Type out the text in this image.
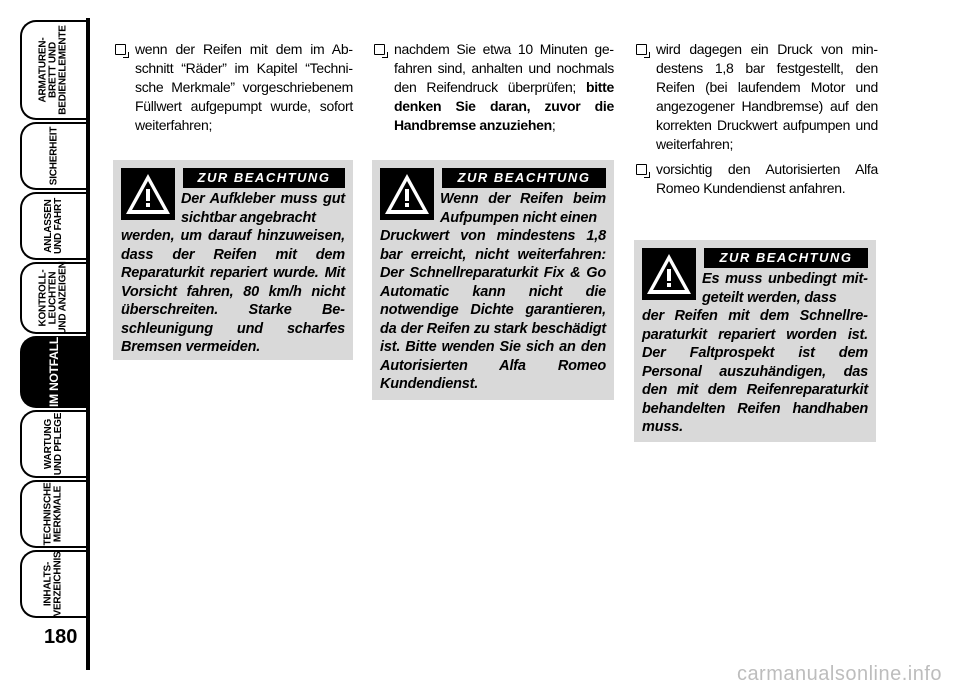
ARMATUREN-
BRETT UND
BEDIENELEMENTE
SICHERHEIT
ANLASSEN
UND FAHRT
KONTROLL-
LEUCHTEN
UND ANZEIGEN
IM NOTFALL
WARTUNG
UND PFLEGE
TECHNISCHE
MERKMALE
INHALTS-
VERZEICHNIS
180
wenn der Reifen mit dem im Abschnitt “Räder” im Kapitel “Technische Merkmale” vorgeschriebenem Füllwert aufgepumpt wurde, sofort weiterfahren;
ZUR BEACHTUNG
Der Aufkleber muss gut sichtbar angebracht
werden, um darauf hinzuweisen, dass der Reifen mit dem Reparaturkit repariert wurde. Mit Vorsicht fahren, 80 km/h nicht überschreiten. Starke Beschleunigung und scharfes Bremsen vermeiden.
nachdem Sie etwa 10 Minuten gefahren sind, anhalten und nochmals den Reifendruck überprüfen; bitte denken Sie daran, zuvor die Handbremse anzuziehen;
ZUR BEACHTUNG
Wenn der Reifen beim Aufpumpen nicht einen
Druckwert von mindestens 1,8 bar erreicht, nicht weiterfahren: Der Schnellreparaturkit Fix & Go Automatic kann nicht die notwendige Dichte garantieren, da der Reifen zu stark beschädigt ist. Bitte wenden Sie sich an den Autorisierten Alfa Romeo Kundendienst.
wird dagegen ein Druck von mindestens 1,8 bar festgestellt, den Reifen (bei laufendem Motor und angezogener Handbremse) auf den korrekten Druckwert aufpumpen und weiterfahren;
vorsichtig den Autorisierten Alfa Romeo Kundendienst anfahren.
ZUR BEACHTUNG
Es muss unbedingt mitgeteilt werden, dass
der Reifen mit dem Schnellreparaturkit repariert worden ist. Der Faltprospekt ist dem Personal auszuhändigen, das den mit dem Reifenreparaturkit behandelten Reifen handhaben muss.
carmanualsonline.info
